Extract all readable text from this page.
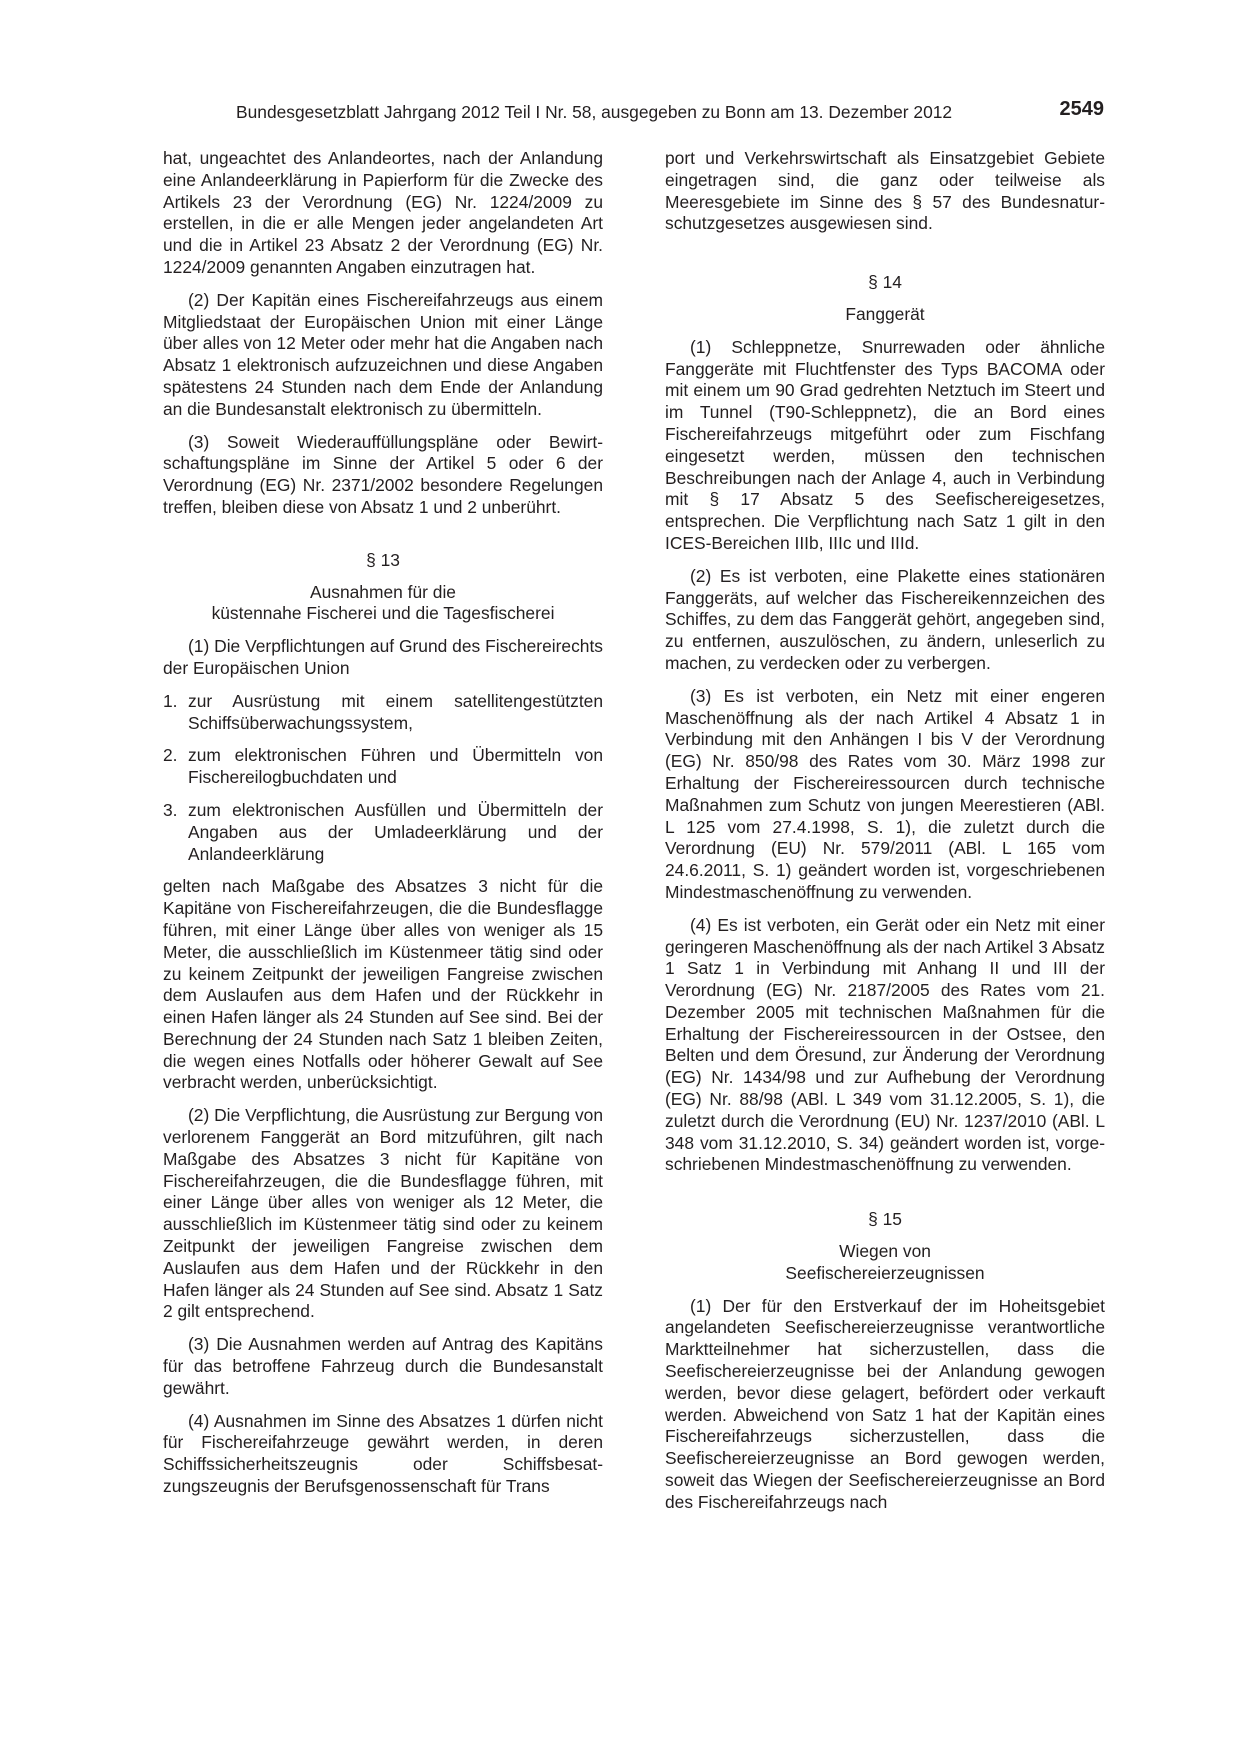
Bundesgesetzblatt Jahrgang 2012 Teil I Nr. 58, ausgegeben zu Bonn am 13. Dezember 2012	2549

hat, ungeachtet des Anlandeortes, nach der Anlandung eine Anlandeerklärung in Papierform für die Zwecke des Artikels 23 der Verordnung (EG) Nr. 1224/2009 zu erstellen, in die er alle Mengen jeder angelandeten Art und die in Artikel 23 Absatz 2 der Verordnung (EG) Nr. 1224/2009 genannten Angaben einzutragen hat.

(2) Der Kapitän eines Fischereifahrzeugs aus einem Mitgliedstaat der Europäischen Union mit einer Länge über alles von 12 Meter oder mehr hat die Angaben nach Absatz 1 elektronisch aufzuzeichnen und diese Angaben spätestens 24 Stunden nach dem Ende der Anlandung an die Bundesanstalt elektronisch zu übermitteln.

(3) Soweit Wiederauffüllungspläne oder Bewirtschaftungspläne im Sinne der Artikel 5 oder 6 der Verordnung (EG) Nr. 2371/2002 besondere Regelungen treffen, bleiben diese von Absatz 1 und 2 unberührt.

§ 13
Ausnahmen für die
küstennahe Fischerei und die Tagesfischerei

(1) Die Verpflichtungen auf Grund des Fischereirechts der Europäischen Union

1. zur Ausrüstung mit einem satellitengestützten Schiffsüberwachungssystem,
2. zum elektronischen Führen und Übermitteln von Fischereilogbuchdaten und
3. zum elektronischen Ausfüllen und Übermitteln der Angaben aus der Umladeerklärung und der Anlandeerklärung

gelten nach Maßgabe des Absatzes 3 nicht für die Kapitäne von Fischereifahrzeugen, die die Bundesflagge führen, mit einer Länge über alles von weniger als 15 Meter, die ausschließlich im Küstenmeer tätig sind oder zu keinem Zeitpunkt der jeweiligen Fangreise zwischen dem Auslaufen aus dem Hafen und der Rückkehr in einen Hafen länger als 24 Stunden auf See sind. Bei der Berechnung der 24 Stunden nach Satz 1 bleiben Zeiten, die wegen eines Notfalls oder höherer Gewalt auf See verbracht werden, unberücksichtigt.

(2) Die Verpflichtung, die Ausrüstung zur Bergung von verlorenem Fanggerät an Bord mitzuführen, gilt nach Maßgabe des Absatzes 3 nicht für Kapitäne von Fischereifahrzeugen, die die Bundesflagge führen, mit einer Länge über alles von weniger als 12 Meter, die ausschließlich im Küstenmeer tätig sind oder zu keinem Zeitpunkt der jeweiligen Fangreise zwischen dem Auslaufen aus dem Hafen und der Rückkehr in den Hafen länger als 24 Stunden auf See sind. Absatz 1 Satz 2 gilt entsprechend.

(3) Die Ausnahmen werden auf Antrag des Kapitäns für das betroffene Fahrzeug durch die Bundesanstalt gewährt.

(4) Ausnahmen im Sinne des Absatzes 1 dürfen nicht für Fischereifahrzeuge gewährt werden, in deren Schiffssicherheitszeugnis oder Schiffsbesatzungszeugnis der Berufsgenossenschaft für Trans

port und Verkehrswirtschaft als Einsatzgebiet Gebiete eingetragen sind, die ganz oder teilweise als Meeresgebiete im Sinne des § 57 des Bundesnaturschutzgesetzes ausgewiesen sind.

§ 14
Fanggerät

(1) Schleppnetze, Snurrewaden oder ähnliche Fanggeräte mit Fluchtfenster des Typs BACOMA oder mit einem um 90 Grad gedrehten Netztuch im Steert und im Tunnel (T90-Schleppnetz), die an Bord eines Fischereifahrzeugs mitgeführt oder zum Fischfang eingesetzt werden, müssen den technischen Beschreibungen nach der Anlage 4, auch in Verbindung mit § 17 Absatz 5 des Seefischereigesetzes, entsprechen. Die Verpflichtung nach Satz 1 gilt in den ICES-Bereichen IIIb, IIIc und IIId.

(2) Es ist verboten, eine Plakette eines stationären Fanggeräts, auf welcher das Fischereikennzeichen des Schiffes, zu dem das Fanggerät gehört, angegeben sind, zu entfernen, auszulöschen, zu ändern, unleserlich zu machen, zu verdecken oder zu verbergen.

(3) Es ist verboten, ein Netz mit einer engeren Maschenöffnung als der nach Artikel 4 Absatz 1 in Verbindung mit den Anhängen I bis V der Verordnung (EG) Nr. 850/98 des Rates vom 30. März 1998 zur Erhaltung der Fischereiressourcen durch technische Maßnahmen zum Schutz von jungen Meerestieren (ABl. L 125 vom 27.4.1998, S. 1), die zuletzt durch die Verordnung (EU) Nr. 579/2011 (ABl. L 165 vom 24.6.2011, S. 1) geändert worden ist, vorgeschriebenen Mindestmaschenöffnung zu verwenden.

(4) Es ist verboten, ein Gerät oder ein Netz mit einer geringeren Maschenöffnung als der nach Artikel 3 Absatz 1 Satz 1 in Verbindung mit Anhang II und III der Verordnung (EG) Nr. 2187/2005 des Rates vom 21. Dezember 2005 mit technischen Maßnahmen für die Erhaltung der Fischereiressourcen in der Ostsee, den Belten und dem Öresund, zur Änderung der Verordnung (EG) Nr. 1434/98 und zur Aufhebung der Verordnung (EG) Nr. 88/98 (ABl. L 349 vom 31.12.2005, S. 1), die zuletzt durch die Verordnung (EU) Nr. 1237/2010 (ABl. L 348 vom 31.12.2010, S. 34) geändert worden ist, vorgeschriebenen Mindestmaschenöffnung zu verwenden.

§ 15
Wiegen von
Seefischereierzeugnissen

(1) Der für den Erstverkauf der im Hoheitsgebiet angelandeten Seefischereierzeugnisse verantwortliche Marktteilnehmer hat sicherzustellen, dass die Seefischereierzeugnisse bei der Anlandung gewogen werden, bevor diese gelagert, befördert oder verkauft werden. Abweichend von Satz 1 hat der Kapitän eines Fischereifahrzeugs sicherzustellen, dass die Seefischereierzeugnisse an Bord gewogen werden, soweit das Wiegen der Seefischereierzeugnisse an Bord des Fischereifahrzeugs nach
